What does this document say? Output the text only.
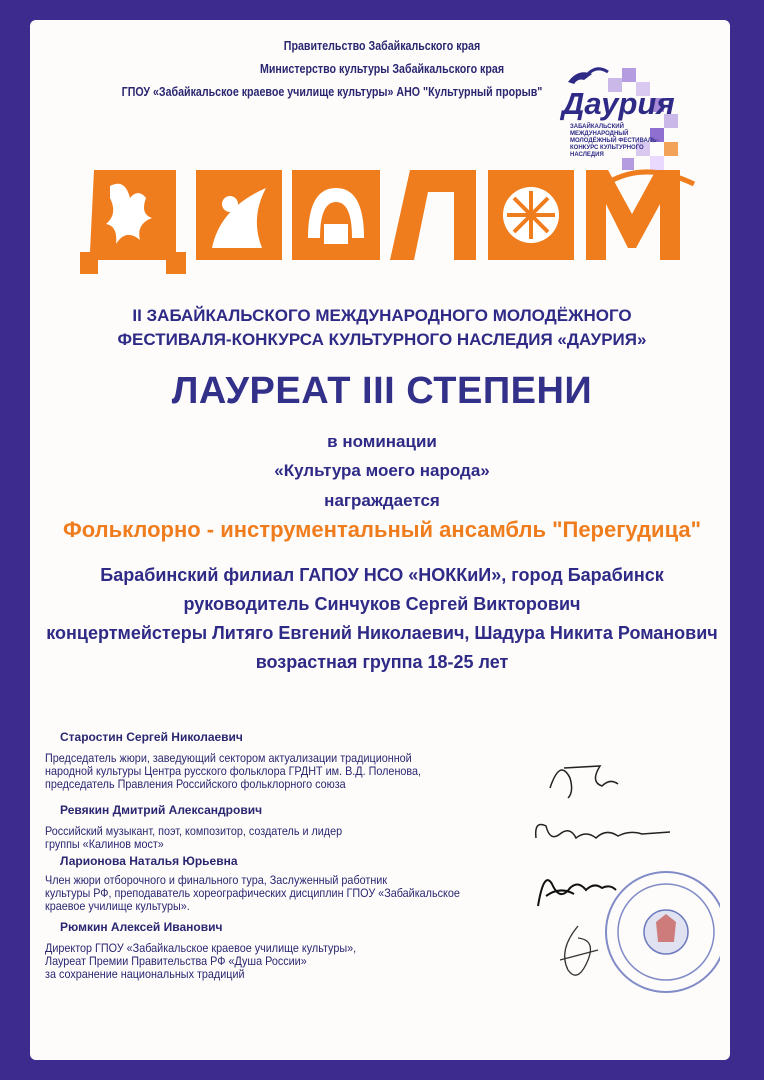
Правительство Забайкальского края
Министерство культуры Забайкальского края
ГПОУ «Забайкальское краевое училище культуры» АНО "Культурный прорыв" Даурия
ЗАБАЙКАЛЬСКИЙ МЕЖДУНАРОДНЫЙ МОЛОДЁЖНЫЙ ФЕСТИВАЛЬ-КОНКУРС КУЛЬТУРНОГО НАСЛЕДИЯ
II ЗАБАЙКАЛЬСКОГО МЕЖДУНАРОДНОГО МОЛОДЁЖНОГО
ФЕСТИВАЛЯ-КОНКУРСА КУЛЬТУРНОГО НАСЛЕДИЯ «ДАУРИЯ»
ЛАУРЕАТ III СТЕПЕНИ
в номинации
«Культура моего народа»
награждается
Фольклорно - инструментальный ансамбль "Перегудица"
Барабинский филиал ГАПОУ НСО «НОККиИ», город Барабинск
руководитель Синчуков Сергей Викторович
концертмейстеры Литяго Евгений Николаевич, Шадура Никита Романович
возрастная группа 18-25 лет
Старостин Сергей Николаевич
Председатель жюри, заведующий сектором актуализации традиционной
народной культуры Центра русского фольклора ГРДНТ им. В.Д. Поленова,
председатель Правления Российского фольклорного союза
Ревякин Дмитрий Александрович
Российский музыкант, поэт, композитор, создатель и лидер
группы «Калинов мост»
Ларионова Наталья Юрьевна
Член жюри отборочного и финального тура, Заслуженный работник
культуры РФ, преподаватель хореографических дисциплин ГПОУ «Забайкальское
краевое училище культуры».
Рюмкин Алексей Иванович
Директор ГПОУ «Забайкальское краевое училище культуры»,
Лауреат Премии Правительства РФ «Душа России»
за сохранение национальных традиций
